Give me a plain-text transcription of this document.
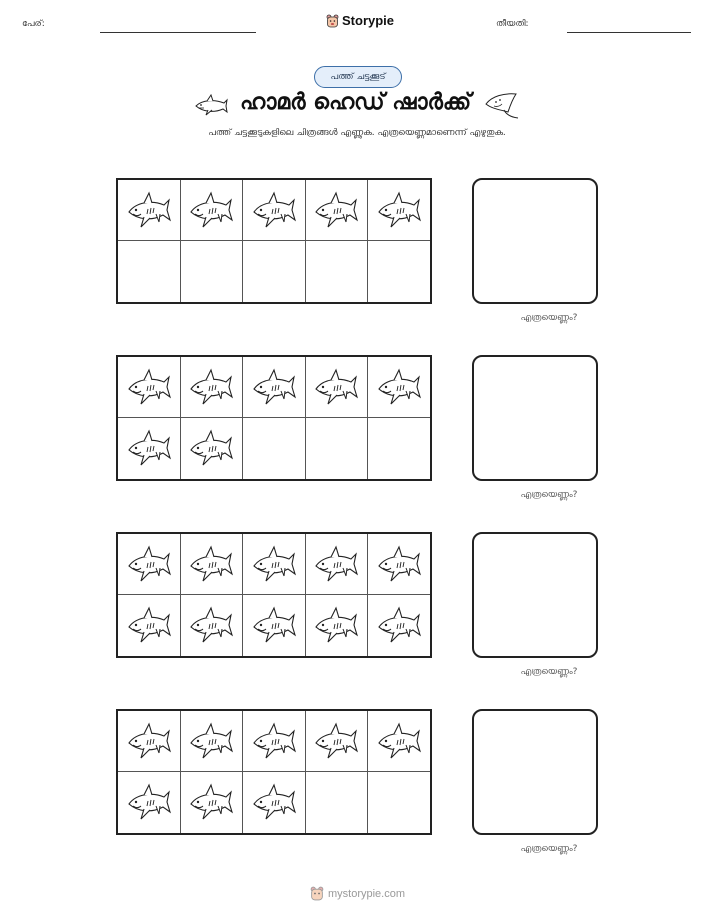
പേര്:	Storypie	തീയതി:
പത്ത് ചട്ടക്കൂട്
ഹാമർ ഹെഡ് ഷാർക്ക്

പത്ത് ചട്ടക്കൂടുകളിലെ ചിത്രങ്ങൾ എണ്ണുക. എത്രയെണ്ണമാണെന്ന് എഴുതുക.

എത്രയെണ്ണം?
എത്രയെണ്ണം?
എത്രയെണ്ണം?
എത്രയെണ്ണം?
mystorypie.com
